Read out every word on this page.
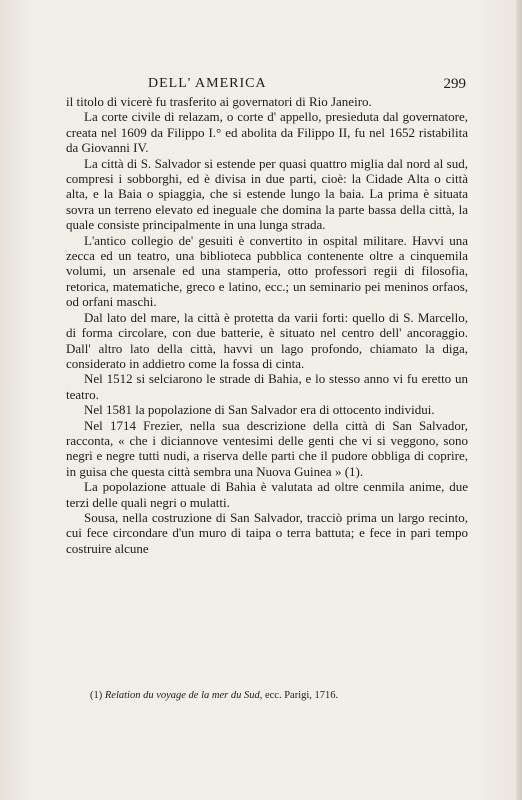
DELL' AMERICA	299

il titolo di vicerè fu trasferito ai governatori di Rio Janeiro.

La corte civile di relazam, o corte d' appello, presieduta dal governatore, creata nel 1609 da Filippo I.° ed abolita da Filippo II, fu nel 1652 ristabilita da Giovanni IV.

La città di S. Salvador si estende per quasi quattro miglia dal nord al sud, compresi i sobborghi, ed è divisa in due parti, cioè: la Cidade Alta o città alta, e la Baia o spiaggia, che si estende lungo la baia. La prima è situata sovra un terreno elevato ed ineguale che domina la parte bassa della città, la quale consiste principalmente in una lunga strada.

L'antico collegio de' gesuiti è convertito in ospital militare. Havvi una zecca ed un teatro, una biblioteca pubblica contenente oltre a cinquemila volumi, un arsenale ed una stamperia, otto professori regii di filosofia, retorica, matematiche, greco e latino, ecc.; un seminario pei meninos orfaos, od orfani maschi.

Dal lato del mare, la città è protetta da varii forti: quello di S. Marcello, di forma circolare, con due batterie, è situato nel centro dell' ancoraggio. Dall' altro lato della città, havvi un lago profondo, chiamato la diga, considerato in addietro come la fossa di cinta.

Nel 1512 si selciarono le strade di Bahia, e lo stesso anno vi fu eretto un teatro.

Nel 1581 la popolazione di San Salvador era di ottocento individui.

Nel 1714 Frezier, nella sua descrizione della città di San Salvador, racconta, « che i diciannove ventesimi delle genti che vi si veggono, sono negri e negre tutti nudi, a riserva delle parti che il pudore obbliga di coprire, in guisa che questa città sembra una Nuova Guinea » (1).

La popolazione attuale di Bahia è valutata ad oltre cenmila anime, due terzi delle quali negri o mulatti.

Sousa, nella costruzione di San Salvador, tracciò prima un largo recinto, cui fece circondare d'un muro di taipa o terra battuta; e fece in pari tempo costruire alcune

(1) Relation du voyage de la mer du Sud, ecc. Parigi, 1716.
